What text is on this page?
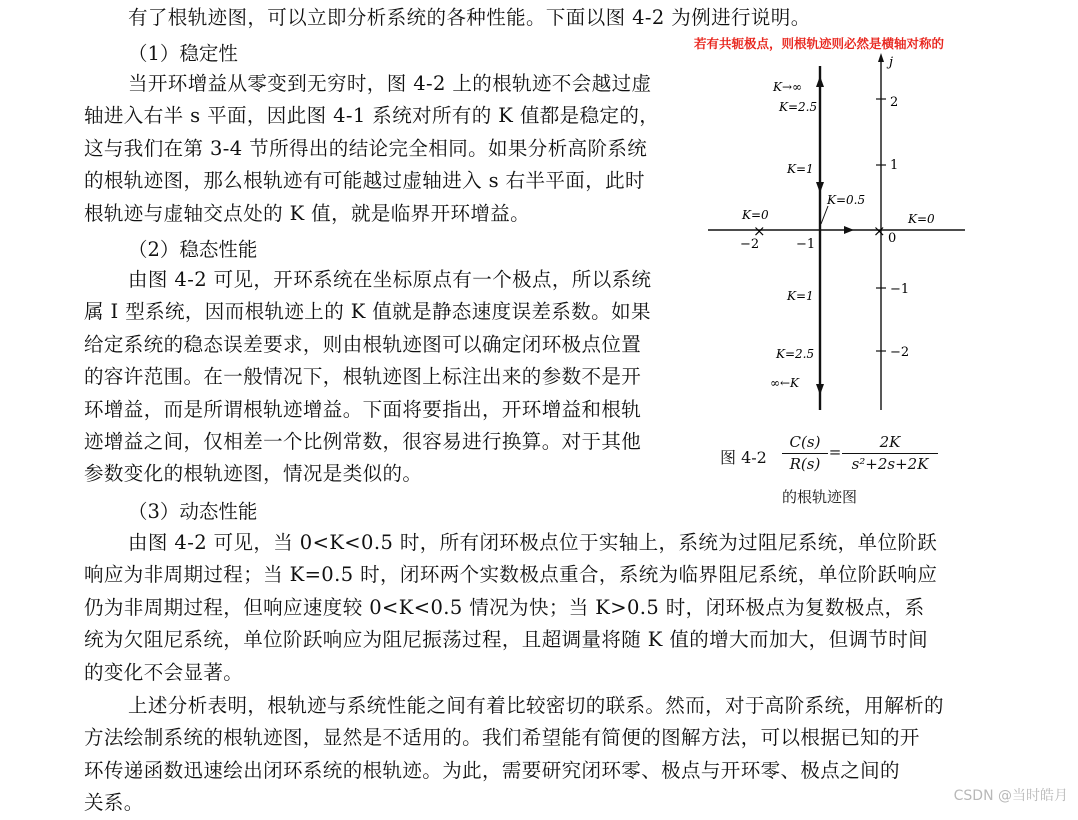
有了根轨迹图，可以立即分析系统的各种性能。下面以图 4-2 为例进行说明。
若有共轭极点，则根轨迹则必然是横轴对称的
（1）稳定性
当开环增益从零变到无穷时，图 4-2 上的根轨迹不会越过虚
轴进入右半 s 平面，因此图 4-1 系统对所有的 K 值都是稳定的，
这与我们在第 3-4 节所得出的结论完全相同。如果分析高阶系统
的根轨迹图，那么根轨迹有可能越过虚轴进入 s 右半平面，此时
根轨迹与虚轴交点处的 K 值，就是临界开环增益。
（2）稳态性能
由图 4-2 可见，开环系统在坐标原点有一个极点，所以系统
属 I 型系统，因而根轨迹上的 K 值就是静态速度误差系数。如果
给定系统的稳态误差要求，则由根轨迹图可以确定闭环极点位置
的容许范围。在一般情况下，根轨迹图上标注出来的参数不是开
环增益，而是所谓根轨迹增益。下面将要指出，开环增益和根轨
迹增益之间，仅相差一个比例常数，很容易进行换算。对于其他
参数变化的根轨迹图，情况是类似的。
（3）动态性能
由图 4-2 可见，当 0<K<0.5 时，所有闭环极点位于实轴上，系统为过阻尼系统，单位阶跃
响应为非周期过程；当 K=0.5 时，闭环两个实数极点重合，系统为临界阻尼系统，单位阶跃响应
仍为非周期过程，但响应速度较 0<K<0.5 情况为快；当 K>0.5 时，闭环极点为复数极点，系
统为欠阻尼系统，单位阶跃响应为阻尼振荡过程，且超调量将随 K 值的增大而加大，但调节时间
的变化不会显著。
上述分析表明，根轨迹与系统性能之间有着比较密切的联系。然而，对于高阶系统，用解析的
方法绘制系统的根轨迹图，显然是不适用的。我们希望能有简便的图解方法，可以根据已知的开
环传递函数迅速绘出闭环系统的根轨迹。为此，需要研究闭环零、极点与开环零、极点之间的
关系。
j
2
1
−1
−2
−2	−1	0
×	×
K→∞
K=2.5
K=1
K=0.5
K=0	K=0
K=1
K=2.5
∞←K
图 4-2
C(s)
R(s)
=
2K
s²+2s+2K
的根轨迹图
CSDN @当时皓月
